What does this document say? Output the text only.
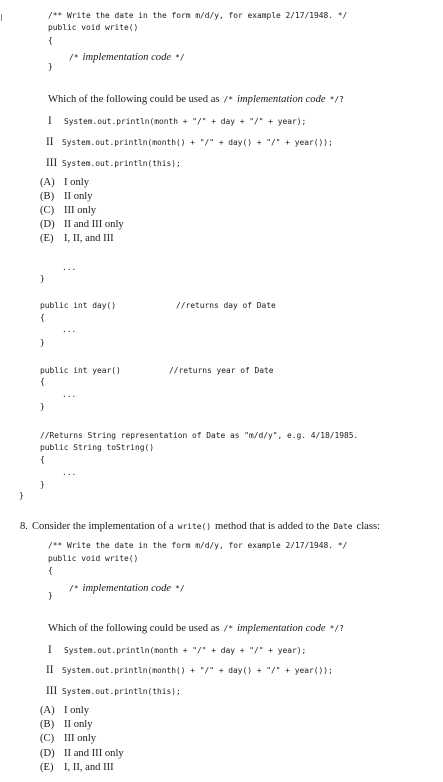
/** Write the date in the form m/d/y, for example 2/17/1948. */
public void write()
{
/* implementation code */
}
Which of the following could be used as /* implementation code */?
I System.out.println(month + "/" + day + "/" + year);
II System.out.println(month() + "/" + day() + "/" + year());
III System.out.println(this);
(A) I only
(B) II only
(C) III only
(D) II and III only
(E) I, II, and III
...
}
public int day()	//returns day of Date
{
...
}
public int year()	//returns year of Date
{
...
}
//Returns String representation of Date as "m/d/y", e.g. 4/18/1985.
public String toString()
{
...
}
}
8. Consider the implementation of a write() method that is added to the Date class:
/** Write the date in the form m/d/y, for example 2/17/1948. */
public void write()
{
/* implementation code */
}
Which of the following could be used as /* implementation code */?
I System.out.println(month + "/" + day + "/" + year);
II System.out.println(month() + "/" + day() + "/" + year());
III System.out.println(this);
(A) I only
(B) II only
(C) III only
(D) II and III only
(E) I, II, and III
